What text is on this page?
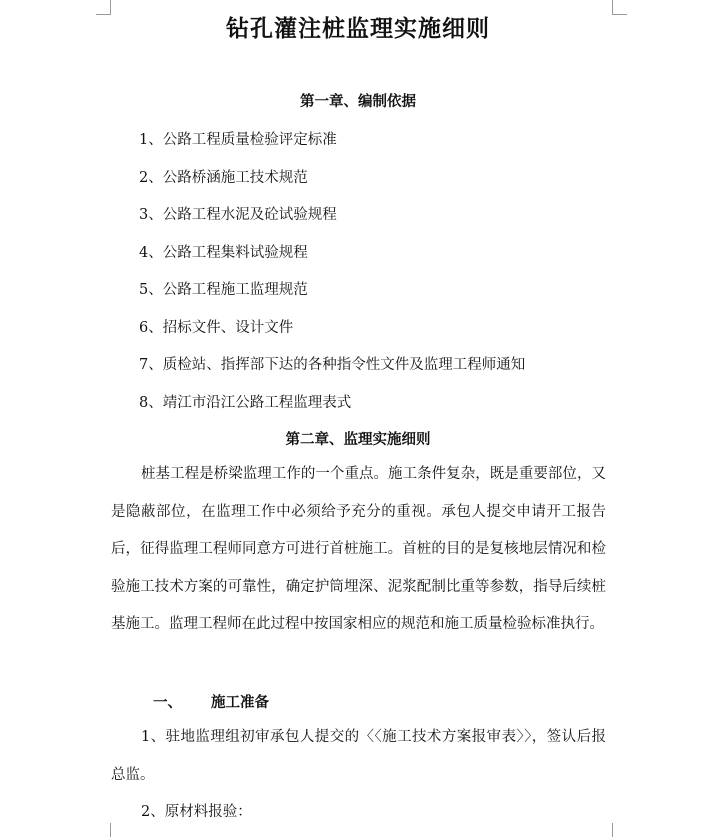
钻孔灌注桩监理实施细则
第一章、编制依据

1、公路工程质量检验评定标准

2、公路桥涵施工技术规范

3、公路工程水泥及砼试验规程

4、公路工程集料试验规程

5、公路工程施工监理规范

6、招标文件、设计文件

7、质检站、指挥部下达的各种指令性文件及监理工程师通知

8、靖江市沿江公路工程监理表式

第二章、监理实施细则

桩基工程是桥梁监理工作的一个重点。施工条件复杂，既是重要部位，又是隐蔽部位，在监理工作中必须给予充分的重视。承包人提交申请开工报告后，征得监理工程师同意方可进行首桩施工。首桩的目的是复核地层情况和检验施工技术方案的可靠性，确定护筒埋深、泥浆配制比重等参数，指导后续桩基施工。监理工程师在此过程中按国家相应的规范和施工质量检验标准执行。

一、 施工准备

1、驻地监理组初审承包人提交的〈〈施工技术方案报审表〉〉，签认后报总监。

2、原材料报验：
